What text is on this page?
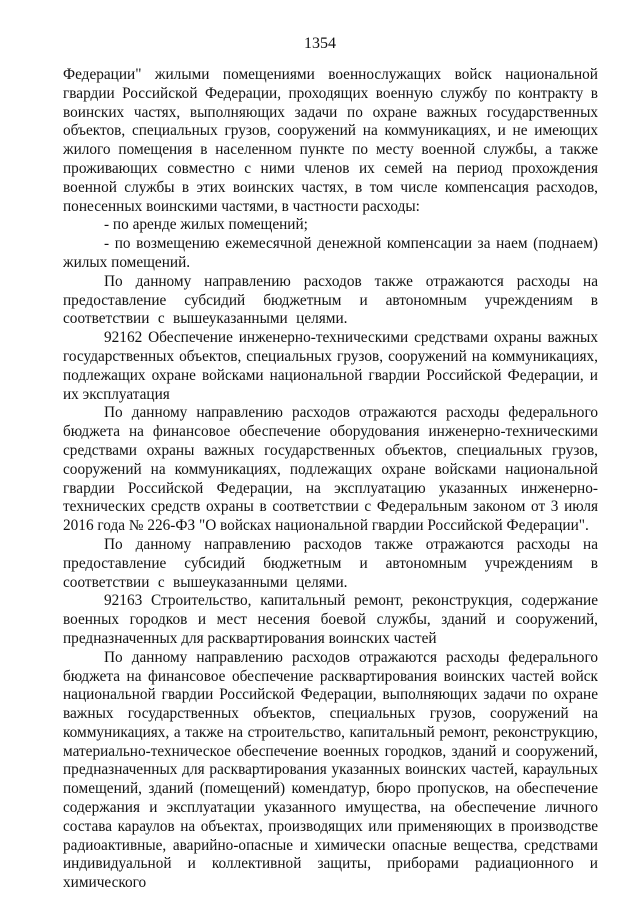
1354

Федерации" жилыми помещениями военнослужащих войск национальной гвардии Российской Федерации, проходящих военную службу по контракту в воинских частях, выполняющих задачи по охране важных государственных объектов, специальных грузов, сооружений на коммуникациях, и не имеющих жилого помещения в населенном пункте по месту военной службы, а также проживающих совместно с ними членов их семей на период прохождения военной службы в этих воинских частях, в том числе компенсация расходов, понесенных воинскими частями, в частности расходы:

- по аренде жилых помещений;

- по возмещению ежемесячной денежной компенсации за наем (поднаем) жилых помещений.

По данному направлению расходов также отражаются расходы на предоставление субсидий бюджетным и автономным учреждениям в соответствии с вышеуказанными целями.

92162 Обеспечение инженерно-техническими средствами охраны важных государственных объектов, специальных грузов, сооружений на коммуникациях, подлежащих охране войсками национальной гвардии Российской Федерации, и их эксплуатация

По данному направлению расходов отражаются расходы федерального бюджета на финансовое обеспечение оборудования инженерно-техническими средствами охраны важных государственных объектов, специальных грузов, сооружений на коммуникациях, подлежащих охране войсками национальной гвардии Российской Федерации, на эксплуатацию указанных инженерно-технических средств охраны в соответствии с Федеральным законом от 3 июля 2016 года № 226-ФЗ "О войсках национальной гвардии Российской Федерации".

По данному направлению расходов также отражаются расходы на предоставление субсидий бюджетным и автономным учреждениям в соответствии с вышеуказанными целями.

92163 Строительство, капитальный ремонт, реконструкция, содержание военных городков и мест несения боевой службы, зданий и сооружений, предназначенных для расквартирования воинских частей

По данному направлению расходов отражаются расходы федерального бюджета на финансовое обеспечение расквартирования воинских частей войск национальной гвардии Российской Федерации, выполняющих задачи по охране важных государственных объектов, специальных грузов, сооружений на коммуникациях, а также на строительство, капитальный ремонт, реконструкцию, материально-техническое обеспечение военных городков, зданий и сооружений, предназначенных для расквартирования указанных воинских частей, караульных помещений, зданий (помещений) комендатур, бюро пропусков, на обеспечение содержания и эксплуатации указанного имущества, на обеспечение личного состава караулов на объектах, производящих или применяющих в производстве радиоактивные, аварийно-опасные и химически опасные вещества, средствами индивидуальной и коллективной защиты, приборами радиационного и химического
